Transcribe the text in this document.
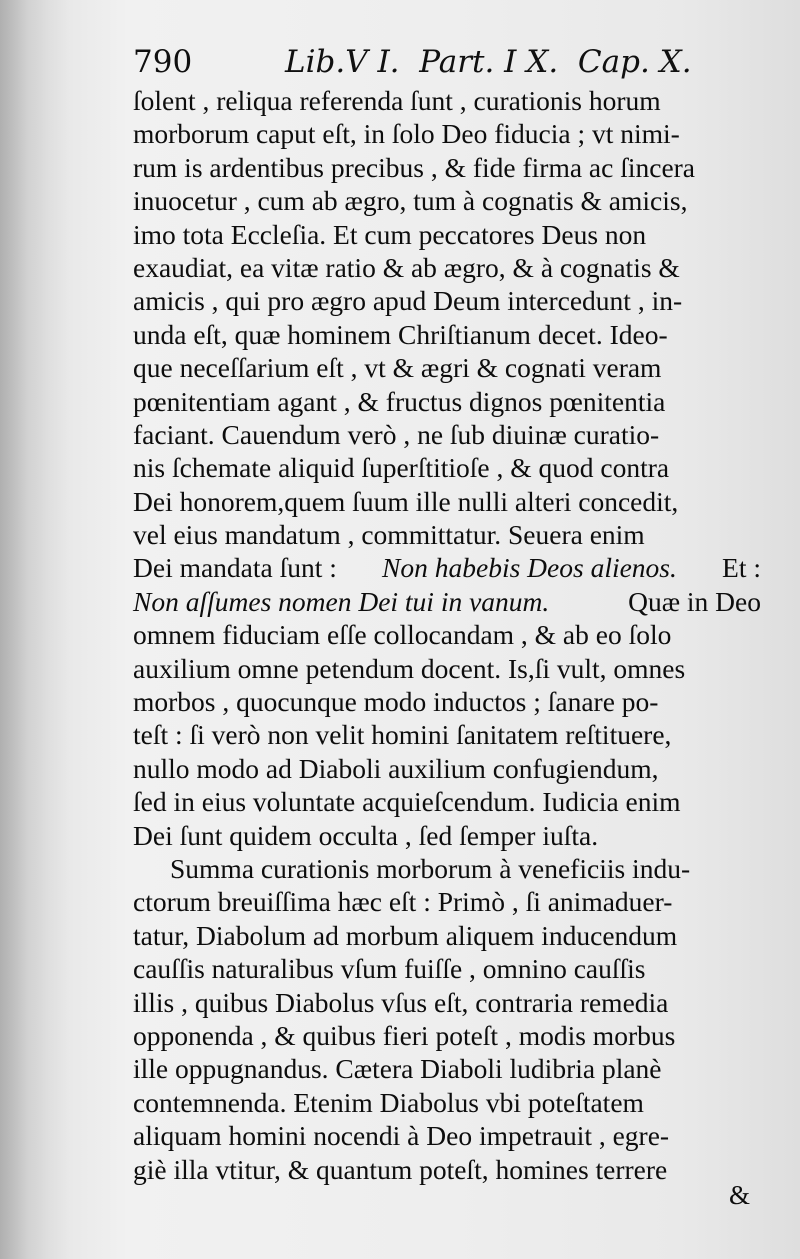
790	Lib.V I.  Part. I X.  Cap. X.
ſolent , reliqua referenda ſunt , curationis horum
morborum caput eſt, in ſolo Deo fiducia ; vt nimi-
rum is ardentibus precibus , & fide firma ac ſincera
inuocetur , cum ab ægro, tum à cognatis & amicis,
imo tota Eccleſia. Et cum peccatores Deus non
exaudiat, ea vitæ ratio & ab ægro, & à cognatis &
amicis , qui pro ægro apud Deum intercedunt , in-
unda eſt, quæ hominem Chriſtianum decet. Ideo-
que neceſſarium eſt , vt & ægri & cognati veram
pœnitentiam agant , & fructus dignos pœnitentia
faciant. Cauendum verò , ne ſub diuinæ curatio-
nis ſchemate aliquid ſuperſtitioſe , & quod contra
Dei honorem,quem ſuum ille nulli alteri concedit,
vel eius mandatum , committatur. Seuera enim
Dei mandata ſunt : Non habebis Deos alienos. Et :
Non aſſumes nomen Dei tui in vanum.	Quæ in Deo
omnem fiduciam eſſe collocandam , & ab eo ſolo
auxilium omne petendum docent. Is,ſi vult, omnes
morbos , quocunque modo inductos ; ſanare po-
teſt : ſi verò non velit homini ſanitatem reſtituere,
nullo modo ad Diaboli auxilium confugiendum,
ſed in eius voluntate acquieſcendum. Iudicia enim
Dei ſunt quidem occulta , ſed ſemper iuſta.
Summa curationis morborum à veneficiis indu-
ctorum breuiſſima hæc eſt : Primò , ſi animaduer-
tatur, Diabolum ad morbum aliquem inducendum
cauſſis naturalibus vſum fuiſſe , omnino cauſſis
illis , quibus Diabolus vſus eſt, contraria remedia
opponenda , & quibus fieri poteſt , modis morbus
ille oppugnandus. Cætera Diaboli ludibria planè
contemnenda. Etenim Diabolus vbi poteſtatem
aliquam homini nocendi à Deo impetrauit , egre-
giè illa vtitur, & quantum poteſt, homines terrere
&
